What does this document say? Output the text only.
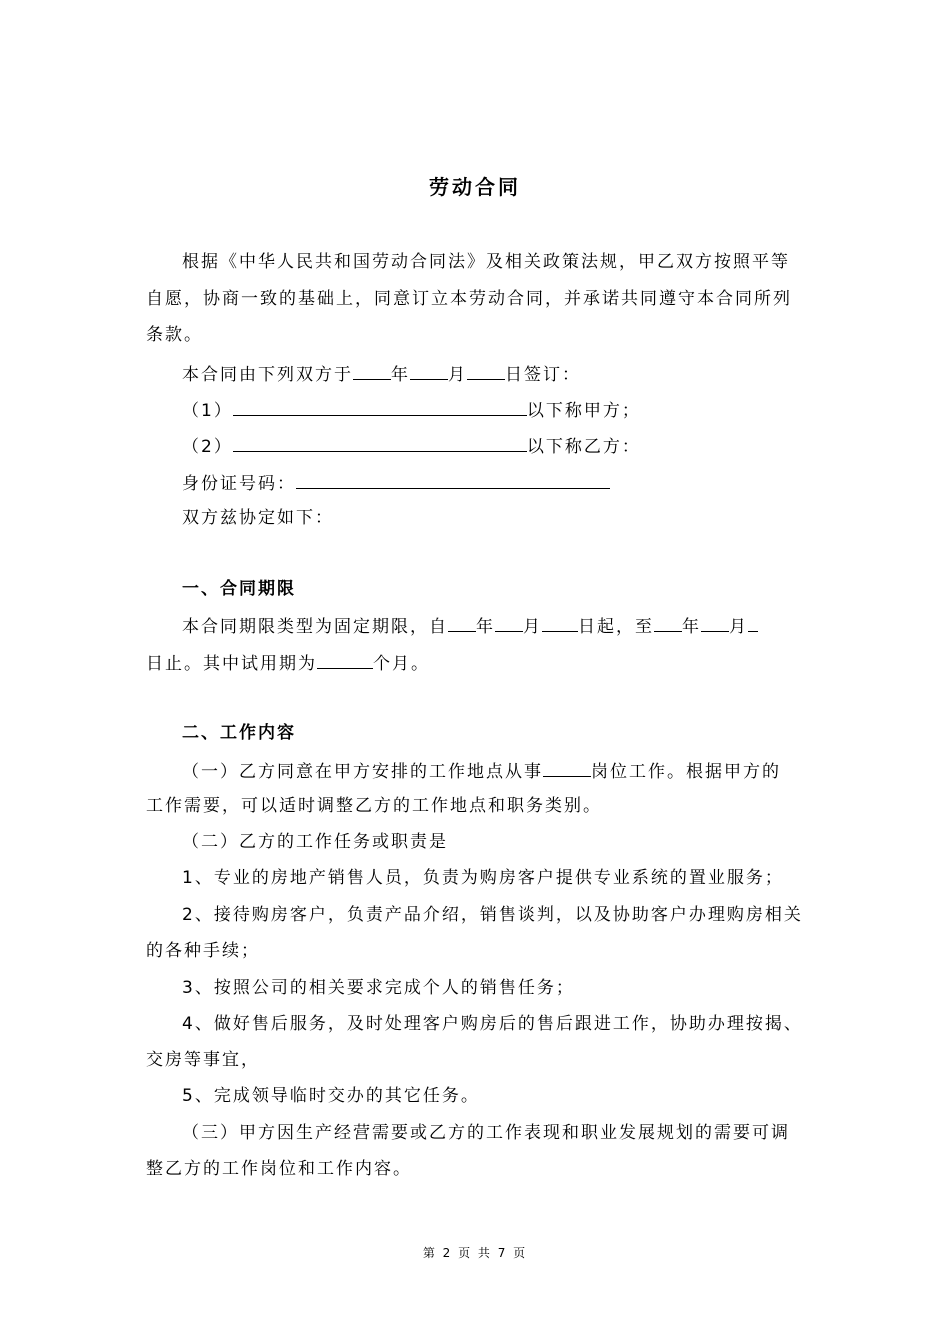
劳动合同
根据《中华人民共和国劳动合同法》及相关政策法规，甲乙双方按照平等
自愿，协商一致的基础上，同意订立本劳动合同，并承诺共同遵守本合同所列
条款。
本合同由下列双方于 年 月 日签订：
（1）	以下称甲方；
（2）	以下称乙方：
身份证号码：
双方兹协定如下：
一、合同期限
本合同期限类型为固定期限，自 年 月 日起，至 年 月
日止。其中试用期为	个月。
二、工作内容
（一）乙方同意在甲方安排的工作地点从事	岗位工作。根据甲方的
工作需要，可以适时调整乙方的工作地点和职务类别。
（二）乙方的工作任务或职责是
1、专业的房地产销售人员，负责为购房客户提供专业系统的置业服务；
2、接待购房客户，负责产品介绍，销售谈判，以及协助客户办理购房相关
的各种手续；
3、按照公司的相关要求完成个人的销售任务；
4、做好售后服务，及时处理客户购房后的售后跟进工作，协助办理按揭、
交房等事宜，
5、完成领导临时交办的其它任务。
（三）甲方因生产经营需要或乙方的工作表现和职业发展规划的需要可调
整乙方的工作岗位和工作内容。
第 2 页 共 7 页
